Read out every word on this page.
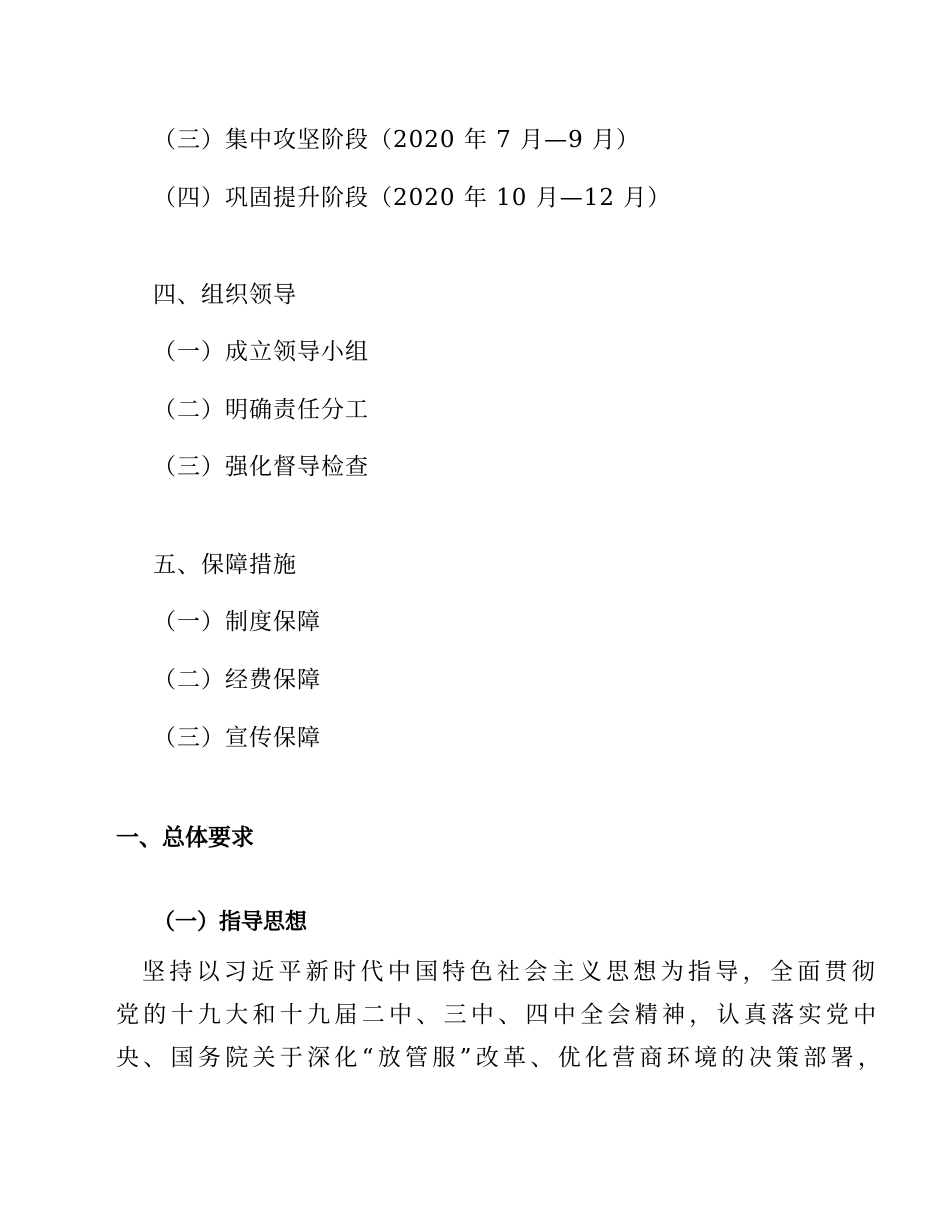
（三）集中攻坚阶段（2020 年 7 月—9 月）
（四）巩固提升阶段（2020 年 10 月—12 月）
四、组织领导
（一）成立领导小组
（二）明确责任分工
（三）强化督导检查
五、保障措施
（一）制度保障
（二）经费保障
（三）宣传保障
一、总体要求
（一）指导思想
坚持以习近平新时代中国特色社会主义思想为指导，全面贯彻
党的十九大和十九届二中、三中、四中全会精神，认真落实党中
央、国务院关于深化“放管服”改革、优化营商环境的决策部署，
